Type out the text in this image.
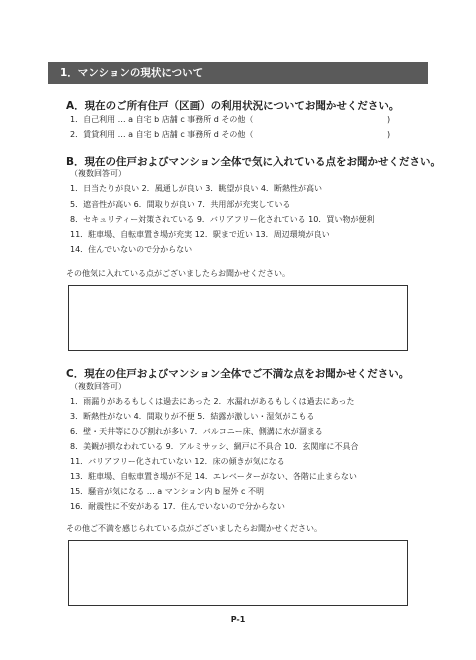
1．マンションの現状について
A．現在のご所有住戸（区画）の利用状況についてお聞かせください。
1．自己利用 … a 自宅 b 店舗 c 事務所 d その他（	)
2．賃貸利用 … a 自宅 b 店舗 c 事務所 d その他（	)
B．現在の住戸およびマンション全体で気に入れている点をお聞かせください。
（複数回答可）
1．日当たりが良い 2．風通しが良い 3．眺望が良い 4．断熱性が高い
5．遮音性が高い 6．間取りが良い 7．共用部が充実している
8．セキュリティー対策されている 9．バリアフリー化されている 10．買い物が便利
11．駐車場、自転車置き場が充実 12．駅まで近い 13．周辺環境が良い
14．住んでいないので分からない
その他気に入れている点がございましたらお聞かせください。
C．現在の住戸およびマンション全体でご不満な点をお聞かせください。
（複数回答可）
1．雨漏りがあるもしくは過去にあった 2．水漏れがあるもしくは過去にあった
3．断熱性がない 4．間取りが不便 5．結露が激しい・湿気がこもる
6．壁・天井等にひび割れが多い 7．バルコニー床、側溝に水が溜まる
8．美観が損なわれている 9．アルミサッシ、網戸に不具合 10．玄関扉に不具合
11．バリアフリー化されていない 12．床の傾きが気になる
13．駐車場、自転車置き場が不足 14．エレベーターがない、各階に止まらない
15．騒音が気になる … a マンション内 b 屋外 c 不明
16．耐震性に不安がある 17．住んでいないので分からない
その他ご不満を感じられている点がございましたらお聞かせください。
P-1
